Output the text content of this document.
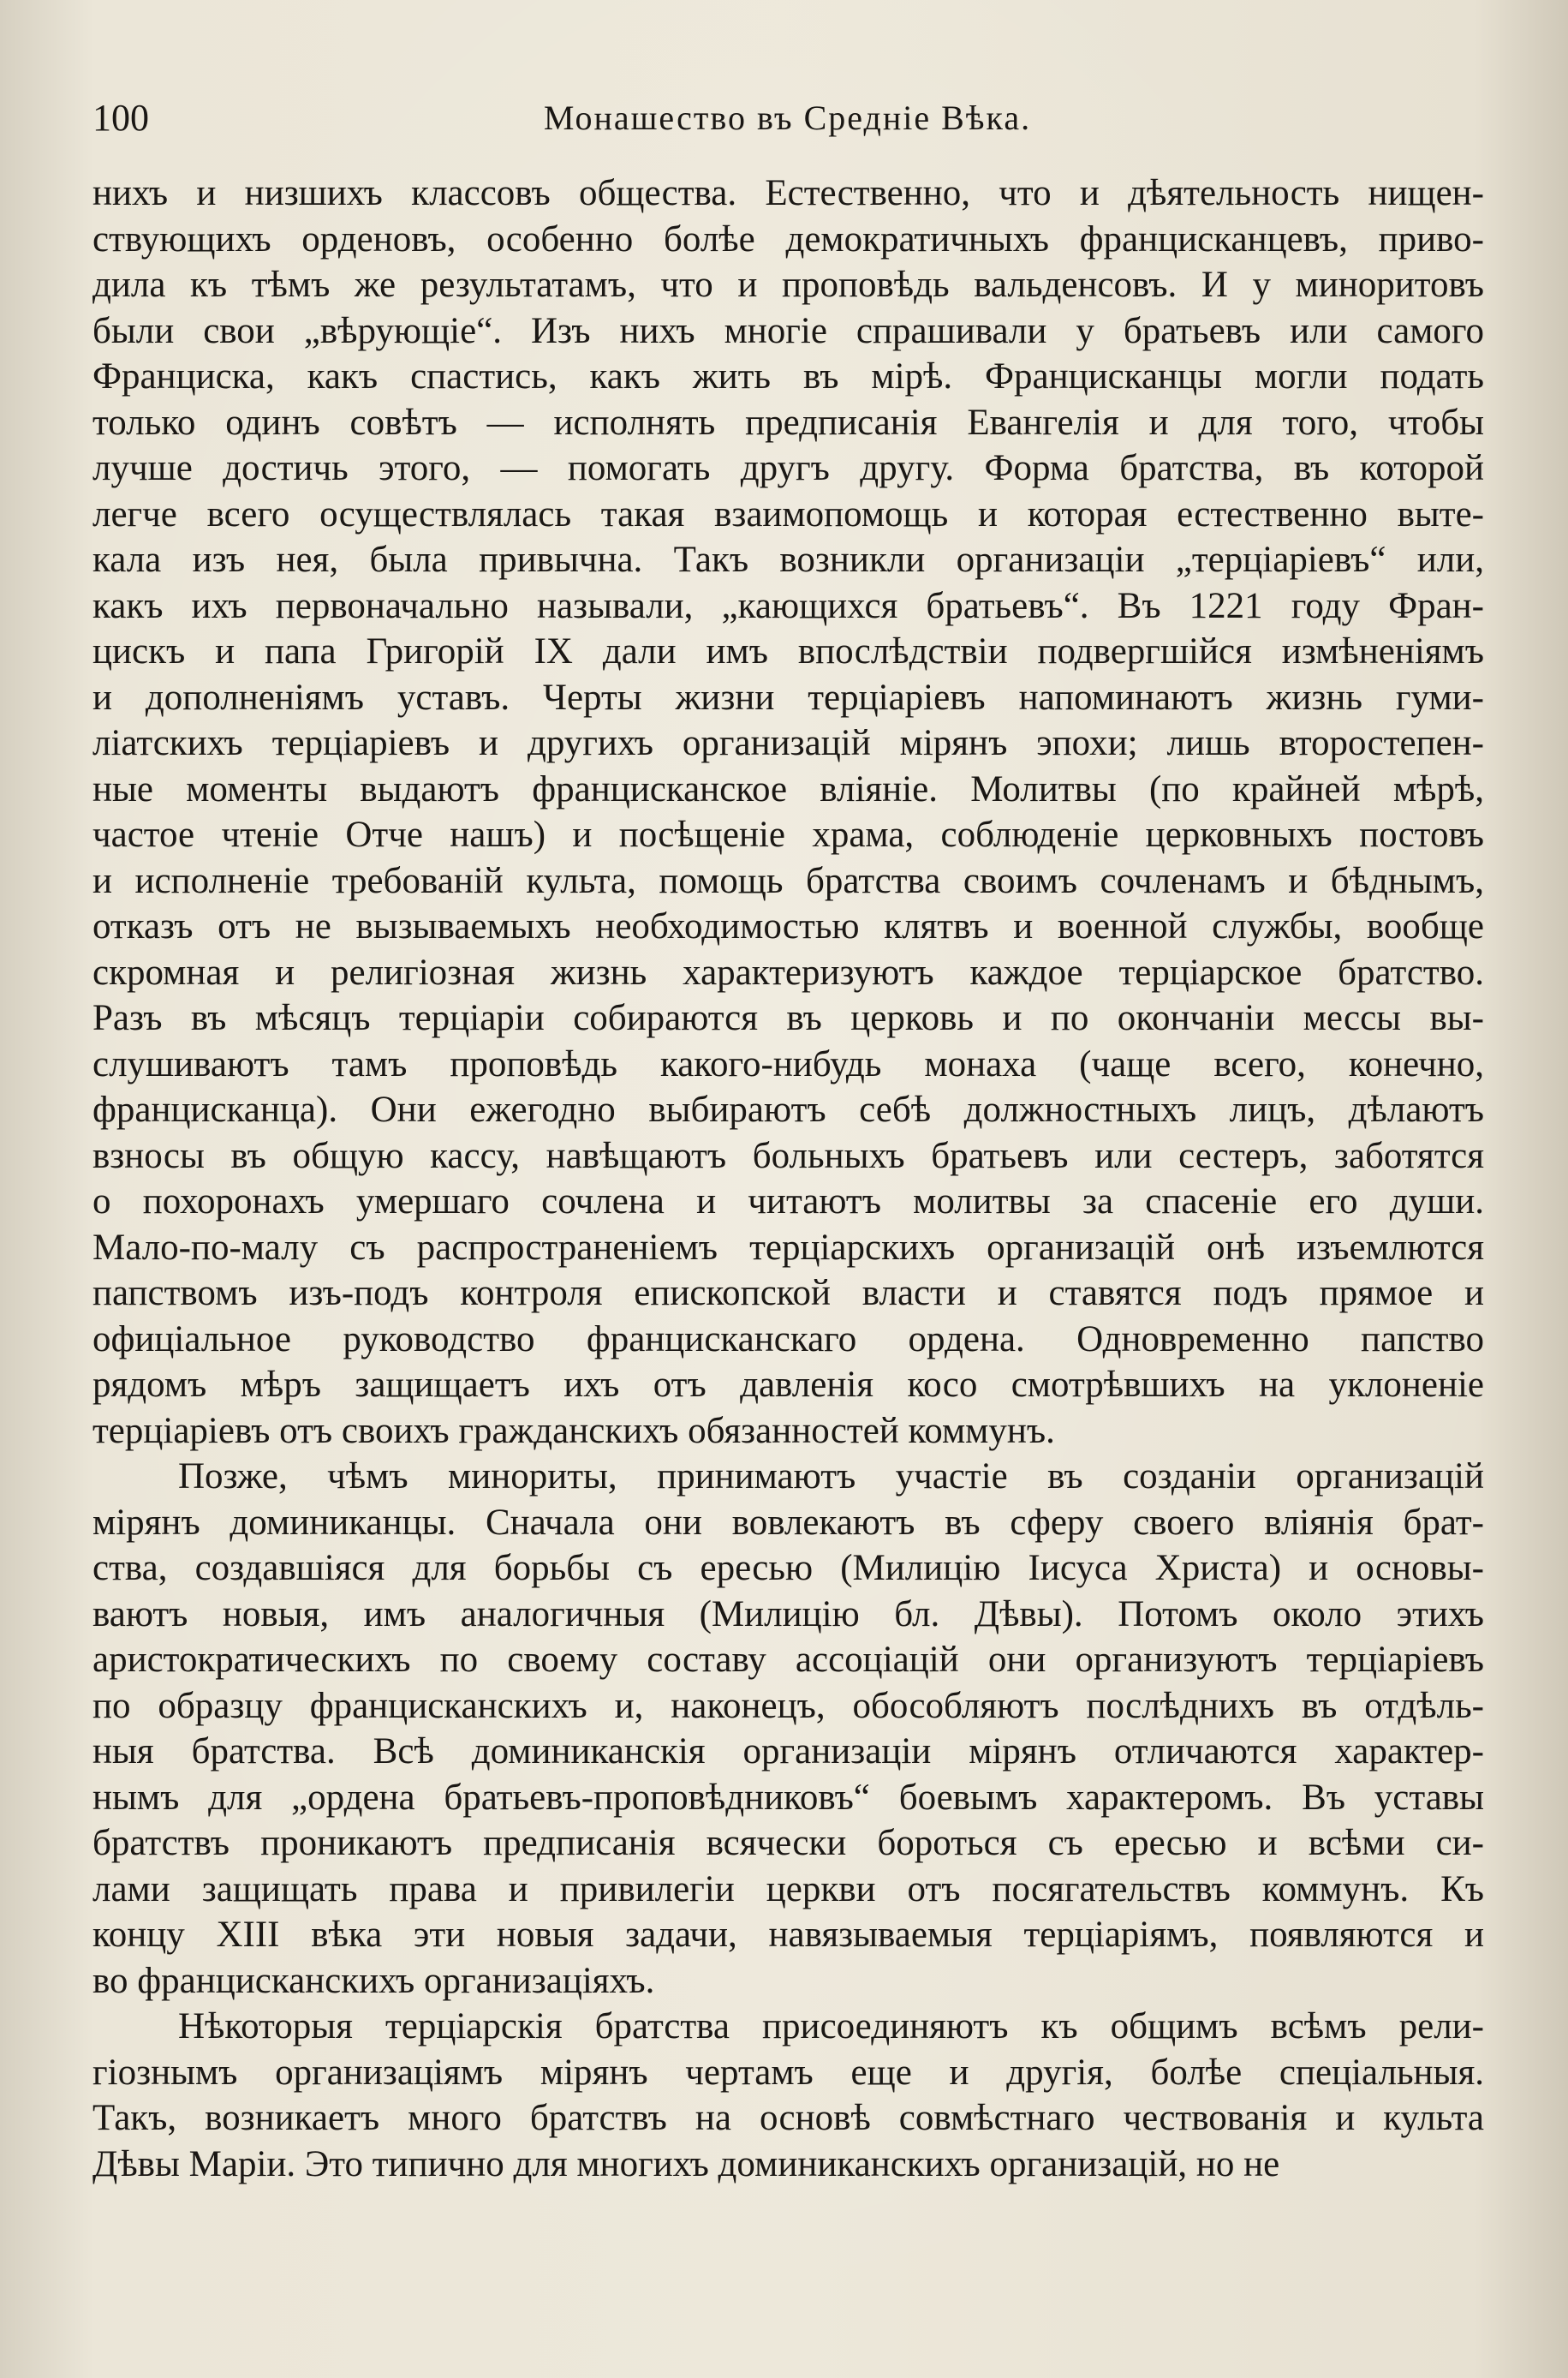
100	Монашество въ Средніе Вѣка.
нихъ и низшихъ классовъ общества. Естественно, что и дѣятельность нищен-
ствующихъ орденовъ, особенно болѣе демократичныхъ францисканцевъ, приво-
дила къ тѣмъ же результатамъ, что и проповѣдь вальденсовъ. И у миноритовъ
были свои „вѣрующіе“. Изъ нихъ многіе спрашивали у братьевъ или самого
Франциска, какъ спастись, какъ жить въ мірѣ. Францисканцы могли подать
только одинъ совѣтъ — исполнять предписанія Евангелія и для того, чтобы
лучше достичь этого, — помогать другъ другу. Форма братства, въ которой
легче всего осуществлялась такая взаимопомощь и которая естественно выте-
кала изъ нея, была привычна. Такъ возникли организаціи „терціаріевъ“ или,
какъ ихъ первоначально называли, „кающихся братьевъ“. Въ 1221 году Фран-
цискъ и папа Григорій IX дали имъ впослѣдствіи подвергшійся измѣненіямъ
и дополненіямъ уставъ. Черты жизни терціаріевъ напоминаютъ жизнь гуми-
ліатскихъ терціаріевъ и другихъ организацій мірянъ эпохи; лишь второстепен-
ные моменты выдаютъ францисканское вліяніе. Молитвы (по крайней мѣрѣ,
частое чтеніе Отче нашъ) и посѣщеніе храма, соблюденіе церковныхъ постовъ
и исполненіе требованій культа, помощь братства своимъ сочленамъ и бѣднымъ,
отказъ отъ не вызываемыхъ необходимостью клятвъ и военной службы, вообще
скромная и религіозная жизнь характеризуютъ каждое терціарское братство.
Разъ въ мѣсяцъ терціаріи собираются въ церковь и по окончаніи мессы вы-
слушиваютъ тамъ проповѣдь какого-нибудь монаха (чаще всего, конечно,
францисканца). Они ежегодно выбираютъ себѣ должностныхъ лицъ, дѣлаютъ
взносы въ общую кассу, навѣщаютъ больныхъ братьевъ или сестеръ, заботятся
о похоронахъ умершаго сочлена и читаютъ молитвы за спасеніе его души.
Мало-по-малу съ распространеніемъ терціарскихъ организацій онѣ изъемлются
папствомъ изъ-подъ контроля епископской власти и ставятся подъ прямое и
офиціальное руководство францисканскаго ордена. Одновременно папство
рядомъ мѣръ защищаетъ ихъ отъ давленія косо смотрѣвшихъ на уклоненіе
терціаріевъ отъ своихъ гражданскихъ обязанностей коммунъ.
Позже, чѣмъ минориты, принимаютъ участіе въ созданіи организацій
мірянъ доминиканцы. Сначала они вовлекаютъ въ сферу своего вліянія брат-
ства, создавшіяся для борьбы съ ересью (Милицію Іисуса Христа) и основы-
ваютъ новыя, имъ аналогичныя (Милицію бл. Дѣвы). Потомъ около этихъ
аристократическихъ по своему составу ассоціацій они организуютъ терціаріевъ
по образцу францисканскихъ и, наконецъ, обособляютъ послѣднихъ въ отдѣль-
ныя братства. Всѣ доминиканскія организаціи мірянъ отличаются характер-
нымъ для „ордена братьевъ-проповѣдниковъ“ боевымъ характеромъ. Въ уставы
братствъ проникаютъ предписанія всячески бороться съ ересью и всѣми си-
лами защищать права и привилегіи церкви отъ посягательствъ коммунъ. Къ
концу XIII вѣка эти новыя задачи, навязываемыя терціаріямъ, появляются и
во францисканскихъ организаціяхъ.
Нѣкоторыя терціарскія братства присоединяютъ къ общимъ всѣмъ рели-
гіознымъ организаціямъ мірянъ чертамъ еще и другія, болѣе спеціальныя.
Такъ, возникаетъ много братствъ на основѣ совмѣстнаго чествованія и культа
Дѣвы Маріи. Это типично для многихъ доминиканскихъ организацій, но не
